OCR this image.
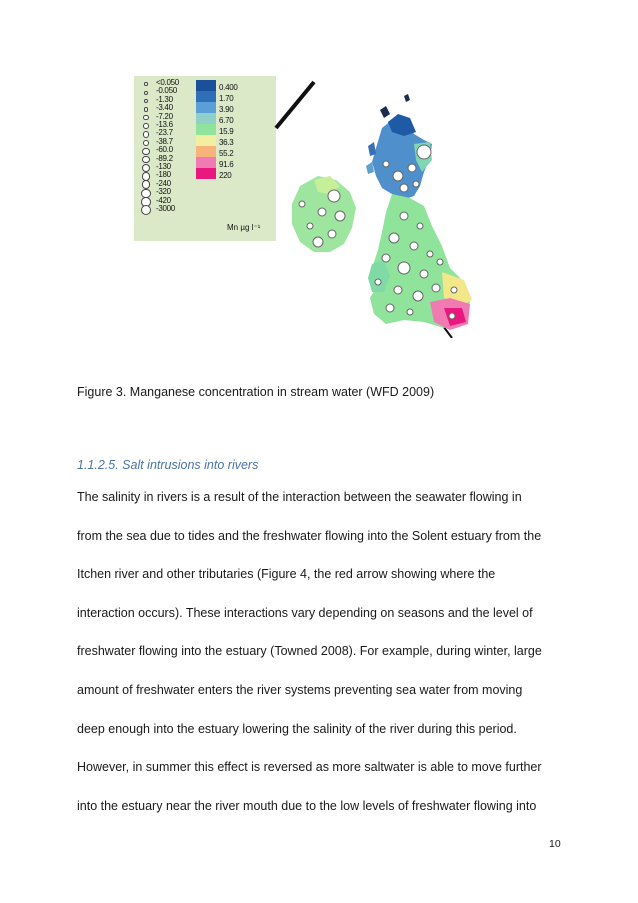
<0.050
-0.050
-1.30
-3.40
-7.20
-13.6
-23.7
-38.7
-60.0
-89.2
-130
-180
-240
-320
-420
-3000
0.400
1.70
3.90
6.70
15.9
36.3
55.2
91.6
220
Mn µg l⁻¹
Figure 3. Manganese concentration in stream water (WFD 2009)
1.1.2.5. Salt intrusions into rivers
The salinity in rivers is a result of the interaction between the seawater flowing in
from the sea due to tides and the freshwater flowing into the Solent estuary from the
Itchen river and other tributaries (Figure 4, the red arrow showing where the
interaction occurs). These interactions vary depending on seasons and the level of
freshwater flowing into the estuary (Towned 2008). For example, during winter, large
amount of freshwater enters the river systems preventing sea water from moving
deep enough into the estuary lowering the salinity of the river during this period.
However, in summer this effect is reversed as more saltwater is able to move further
into the estuary near the river mouth due to the low levels of freshwater flowing into
10
